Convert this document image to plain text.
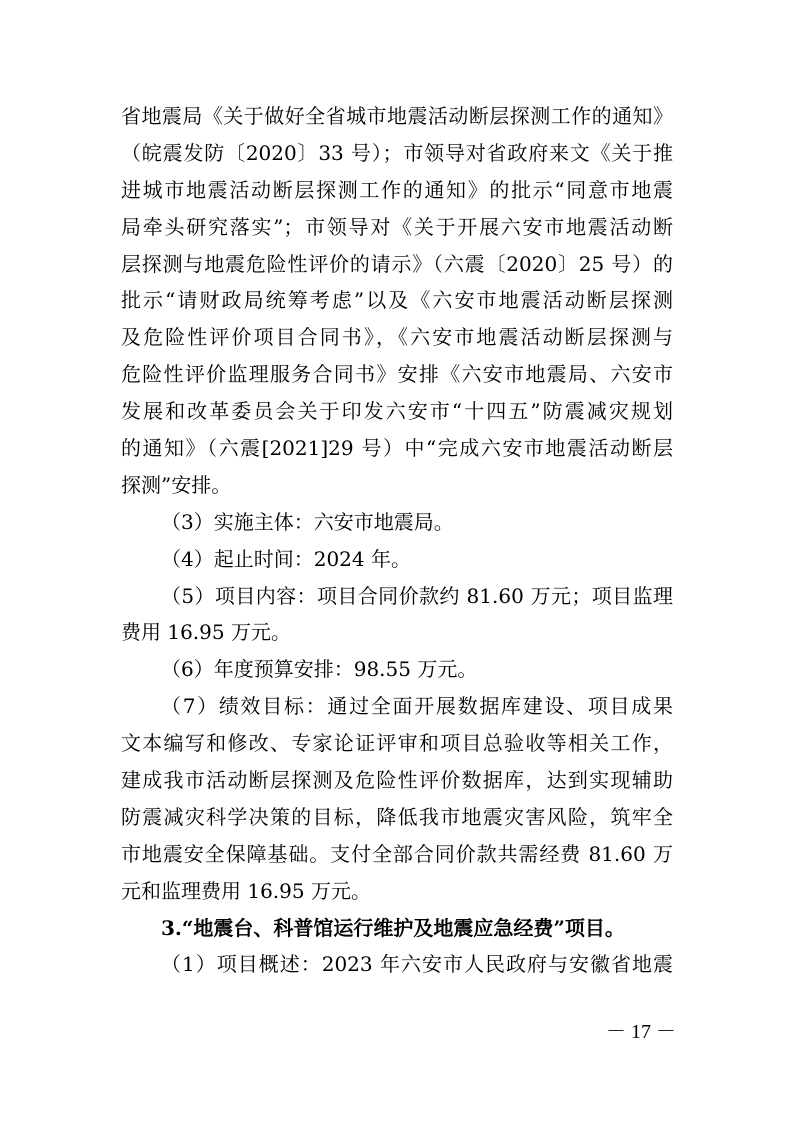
省地震局《关于做好全省城市地震活动断层探测工作的通知》
（皖震发防〔2020〕33 号）；市领导对省政府来文《关于推
进城市地震活动断层探测工作的通知》的批示“同意市地震
局牵头研究落实”；市领导对《关于开展六安市地震活动断
层探测与地震危险性评价的请示》（六震〔2020〕25 号）的
批示“请财政局统筹考虑”以及《六安市地震活动断层探测
及危险性评价项目合同书》，《六安市地震活动断层探测与
危险性评价监理服务合同书》安排《六安市地震局、六安市
发展和改革委员会关于印发六安市“十四五”防震减灾规划
的通知》（六震[2021]29 号）中“完成六安市地震活动断层
探测”安排。
（3）实施主体：六安市地震局。
（4）起止时间：2024 年。
（5）项目内容：项目合同价款约 81.60 万元；项目监理
费用 16.95 万元。
（6）年度预算安排：98.55 万元。
（7）绩效目标：通过全面开展数据库建设、项目成果
文本编写和修改、专家论证评审和项目总验收等相关工作，
建成我市活动断层探测及危险性评价数据库，达到实现辅助
防震减灾科学决策的目标，降低我市地震灾害风险，筑牢全
市地震安全保障基础。支付全部合同价款共需经费 81.60 万
元和监理费用 16.95 万元。
3.“地震台、科普馆运行维护及地震应急经费”项目。
（1）项目概述：2023 年六安市人民政府与安徽省地震
－ 17 －
